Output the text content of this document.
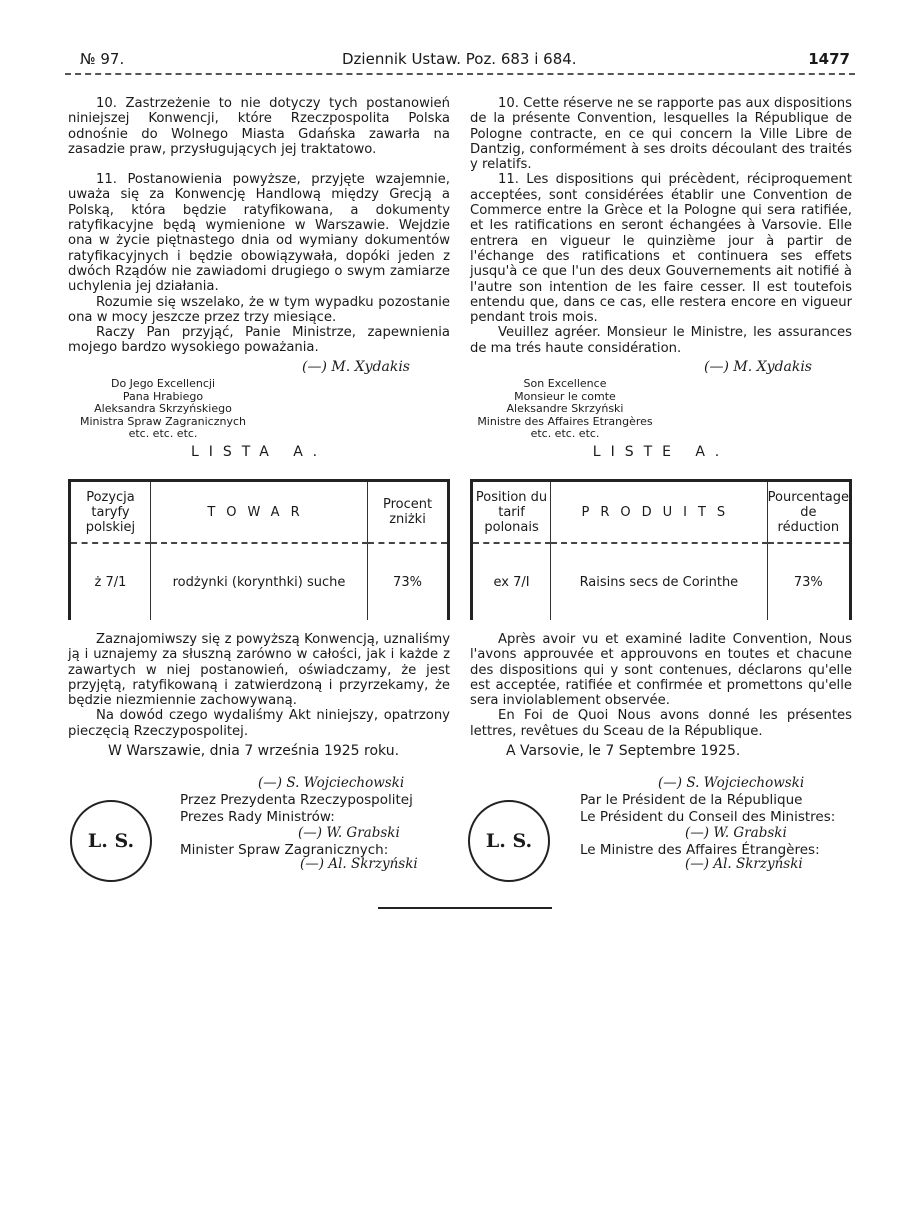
№ 97.	Dziennik Ustaw. Poz. 683 i 684.	1477

10. Zastrzeżenie to nie dotyczy tych postanowień niniejszej Konwencji, które Rzeczpospolita Polska odnośnie do Wolnego Miasta Gdańska zawarła na zasadzie praw, przysługujących jej traktatowo.

11. Postanowienia powyższe, przyjęte wzajemnie, uważa się za Konwencję Handlową między Grecją a Polską, która będzie ratyfikowana, a dokumenty ratyfikacyjne będą wymienione w Warszawie. Wejdzie ona w życie piętnastego dnia od wymiany dokumentów ratyfikacyjnych i będzie obowiązywała, dopóki jeden z dwóch Rządów nie zawiadomi drugiego o swym zamiarze uchylenia jej działania.

Rozumie się wszelako, że w tym wypadku pozostanie ona w mocy jeszcze przez trzy miesiące.

Raczy Pan przyjąć, Panie Ministrze, zapewnienia mojego bardzo wysokiego poważania.

(—) M. Xydakis
Do Jego Excellencji
Pana Hrabiego
Aleksandra Skrzyńskiego
Ministra Spraw Zagranicznych
etc. etc. etc.
LISTA A.
Pozycja taryfy polskiej	TOWAR	Procent zniżki
ż 7/1	rodżynki (korynthki) suche	73%

Zaznajomiwszy się z powyższą Konwencją, uznaliśmy ją i uznajemy za słuszną zarówno w całości, jak i każde z zawartych w niej postanowień, oświadczamy, że jest przyjętą, ratyfikowaną i zatwierdzoną i przyrzekamy, że będzie niezmiennie zachowywaną.

Na dowód czego wydaliśmy Akt niniejszy, opatrzony pieczęcią Rzeczypospolitej.

W Warszawie, dnia 7 września 1925 roku.

L. S.
(—) S. Wojciechowski
Przez Prezydenta Rzeczypospolitej
Prezes Rady Ministrów:
(—) W. Grabski
Minister Spraw Zagranicznych:
(—) Al. Skrzyński

10. Cette réserve ne se rapporte pas aux dispositions de la présente Convention, lesquelles la République de Pologne contracte, en ce qui concern la Ville Libre de Dantzig, conformément à ses droits découlant des traités y relatifs.

11. Les dispositions qui précèdent, réciproquement acceptées, sont considérées établir une Convention de Commerce entre la Grèce et la Pologne qui sera ratifiée, et les ratifications en seront échangées à Varsovie. Elle entrera en vigueur le quinzième jour à partir de l'échange des ratifications et continuera ses effets jusqu'à ce que l'un des deux Gouvernements ait notifié à l'autre son intention de les faire cesser. Il est toutefois entendu que, dans ce cas, elle restera encore en vigueur pendant trois mois.

Veuillez agréer. Monsieur le Ministre, les assurances de ma trés haute considération.

(—) M. Xydakis
Son Excellence
Monsieur le comte
Aleksandre Skrzyński
Ministre des Affaires Etrangères
etc. etc. etc.
LISTE A.
Position du tarif polonais	PRODUITS	Pourcentage de réduction
ex 7/I	Raisins secs de Corinthe	73%

Après avoir vu et examiné ladite Convention, Nous l'avons approuvée et approuvons en toutes et chacune des dispositions qui y sont contenues, déclarons qu'elle est acceptée, ratifiée et confirmée et promettons qu'elle sera inviolablement observée.

En Foi de Quoi Nous avons donné les présentes lettres, revêtues du Sceau de la République.

A Varsovie, le 7 Septembre 1925.

L. S.
(—) S. Wojciechowski
Par le Président de la République
Le Président du Conseil des Ministres:
(—) W. Grabski
Le Ministre des Affaires Étrangères:
(—) Al. Skrzyński
